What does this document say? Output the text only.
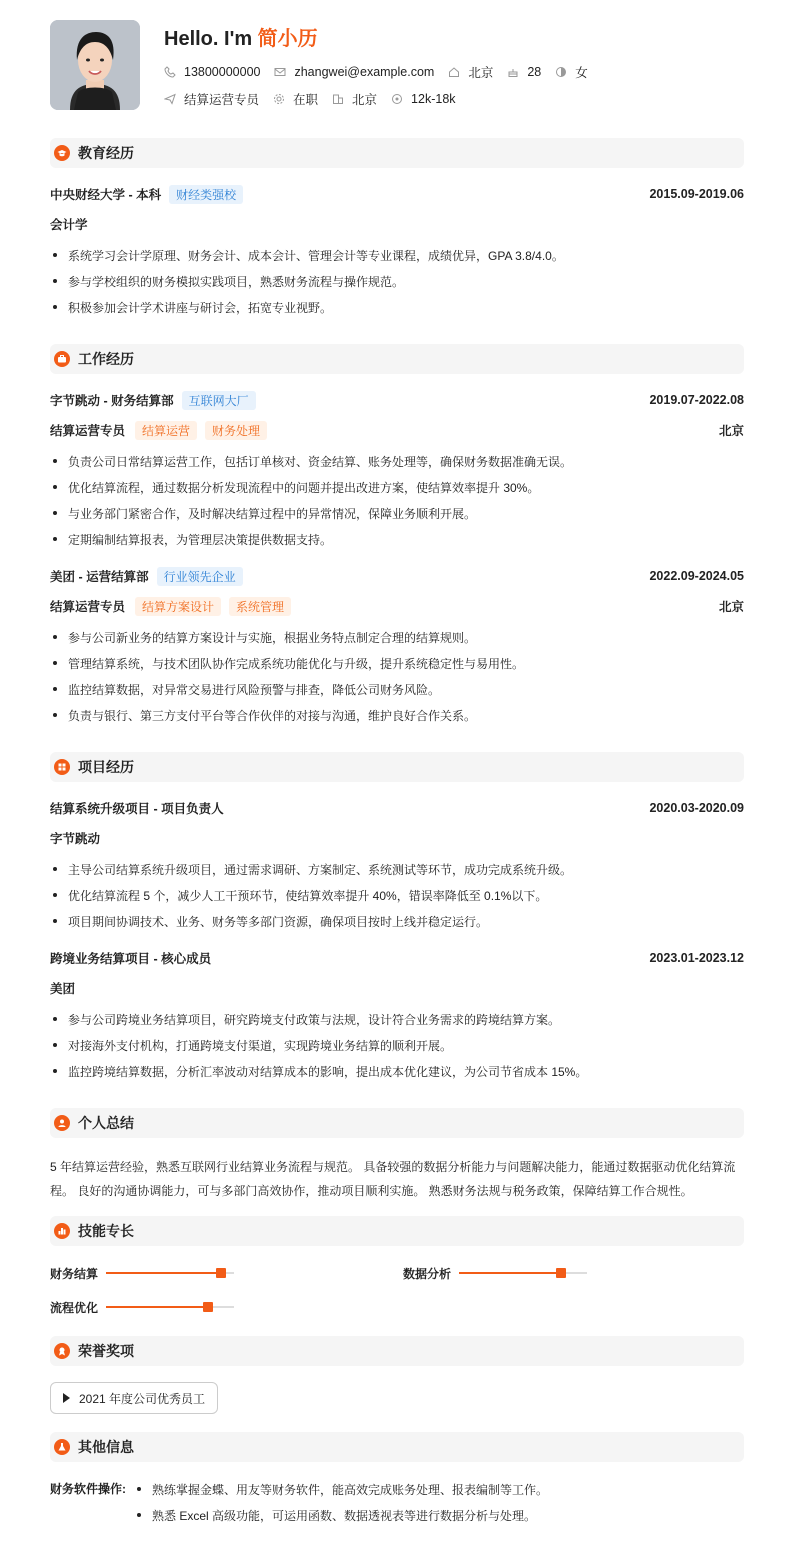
Hello. I'm 简小历
13800000000	zhangwei@example.com	北京	28	女
结算运营专员	在职	北京	12k-18k
教育经历
中央财经大学 - 本科	财经类强校	2015.09-2019.06
会计学
系统学习会计学原理、财务会计、成本会计、管理会计等专业课程，成绩优异，GPA 3.8/4.0。
参与学校组织的财务模拟实践项目，熟悉财务流程与操作规范。
积极参加会计学术讲座与研讨会，拓宽专业视野。
工作经历
字节跳动 - 财务结算部	互联网大厂	2019.07-2022.08
结算运营专员	结算运营	财务处理	北京
负责公司日常结算运营工作，包括订单核对、资金结算、账务处理等，确保财务数据准确无误。
优化结算流程，通过数据分析发现流程中的问题并提出改进方案，使结算效率提升 30%。
与业务部门紧密合作，及时解决结算过程中的异常情况，保障业务顺利开展。
定期编制结算报表，为管理层决策提供数据支持。
美团 - 运营结算部	行业领先企业	2022.09-2024.05
结算运营专员	结算方案设计	系统管理	北京
参与公司新业务的结算方案设计与实施，根据业务特点制定合理的结算规则。
管理结算系统，与技术团队协作完成系统功能优化与升级，提升系统稳定性与易用性。
监控结算数据，对异常交易进行风险预警与排查，降低公司财务风险。
负责与银行、第三方支付平台等合作伙伴的对接与沟通，维护良好合作关系。
项目经历
结算系统升级项目 - 项目负责人	2020.03-2020.09
字节跳动
主导公司结算系统升级项目，通过需求调研、方案制定、系统测试等环节，成功完成系统升级。
优化结算流程 5 个，减少人工干预环节，使结算效率提升 40%，错误率降低至 0.1%以下。
项目期间协调技术、业务、财务等多部门资源，确保项目按时上线并稳定运行。
跨境业务结算项目 - 核心成员	2023.01-2023.12
美团
参与公司跨境业务结算项目，研究跨境支付政策与法规，设计符合业务需求的跨境结算方案。
对接海外支付机构，打通跨境支付渠道，实现跨境业务结算的顺利开展。
监控跨境结算数据，分析汇率波动对结算成本的影响，提出成本优化建议，为公司节省成本 15%。
个人总结
5 年结算运营经验，熟悉互联网行业结算业务流程与规范。 具备较强的数据分析能力与问题解决能力，能通过数据驱动优化结算流程。 良好的沟通协调能力，可与多部门高效协作，推动项目顺利实施。 熟悉财务法规与税务政策，保障结算工作合规性。
技能专长
财务结算	数据分析
流程优化
荣誉奖项
2021 年度公司优秀员工
其他信息
财务软件操作:	熟练掌握金蝶、用友等财务软件，能高效完成账务处理、报表编制等工作。
熟悉 Excel 高级功能，可运用函数、数据透视表等进行数据分析与处理。
